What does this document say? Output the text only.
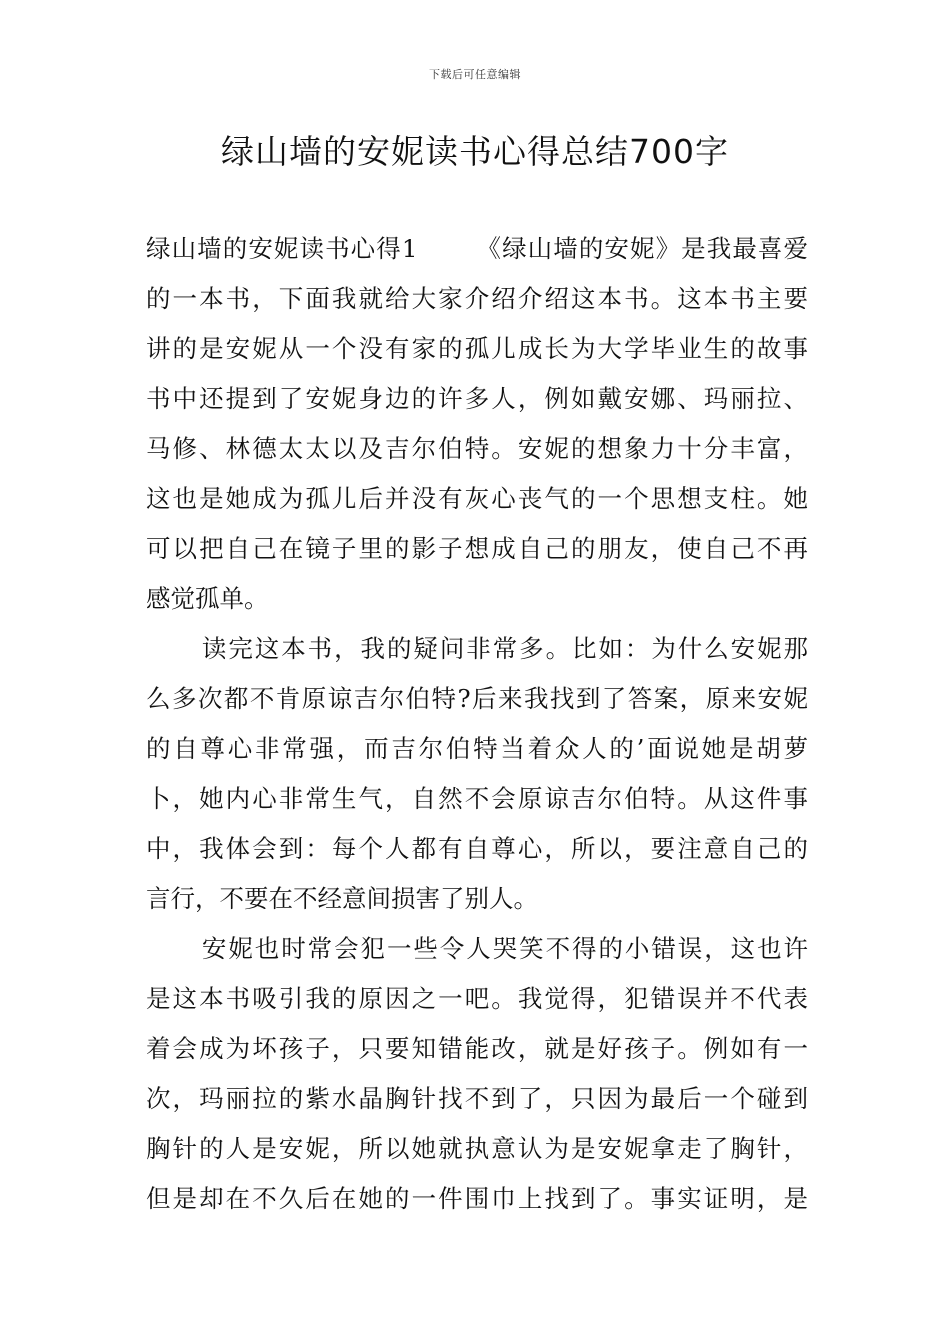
下载后可任意编辑
绿山墙的安妮读书心得总结700字
绿山墙的安妮读书心得1 《绿山墙的安妮》是我最喜爱
的一本书，下面我就给大家介绍介绍这本书。这本书主要
讲的是安妮从一个没有家的孤儿成长为大学毕业生的故事
书中还提到了安妮身边的许多人，例如戴安娜、玛丽拉、
马修、林德太太以及吉尔伯特。安妮的想象力十分丰富，
这也是她成为孤儿后并没有灰心丧气的一个思想支柱。她
可以把自己在镜子里的影子想成自己的朋友，使自己不再
感觉孤单。
读完这本书，我的疑问非常多。比如：为什么安妮那
么多次都不肯原谅吉尔伯特?后来我找到了答案，原来安妮
的自尊心非常强，而吉尔伯特当着众人的’面说她是胡萝
卜，她内心非常生气，自然不会原谅吉尔伯特。从这件事
中，我体会到：每个人都有自尊心，所以，要注意自己的
言行，不要在不经意间损害了别人。
安妮也时常会犯一些令人哭笑不得的小错误，这也许
是这本书吸引我的原因之一吧。我觉得，犯错误并不代表
着会成为坏孩子，只要知错能改，就是好孩子。例如有一
次，玛丽拉的紫水晶胸针找不到了，只因为最后一个碰到
胸针的人是安妮，所以她就执意认为是安妮拿走了胸针，
但是却在不久后在她的一件围巾上找到了。事实证明，是
